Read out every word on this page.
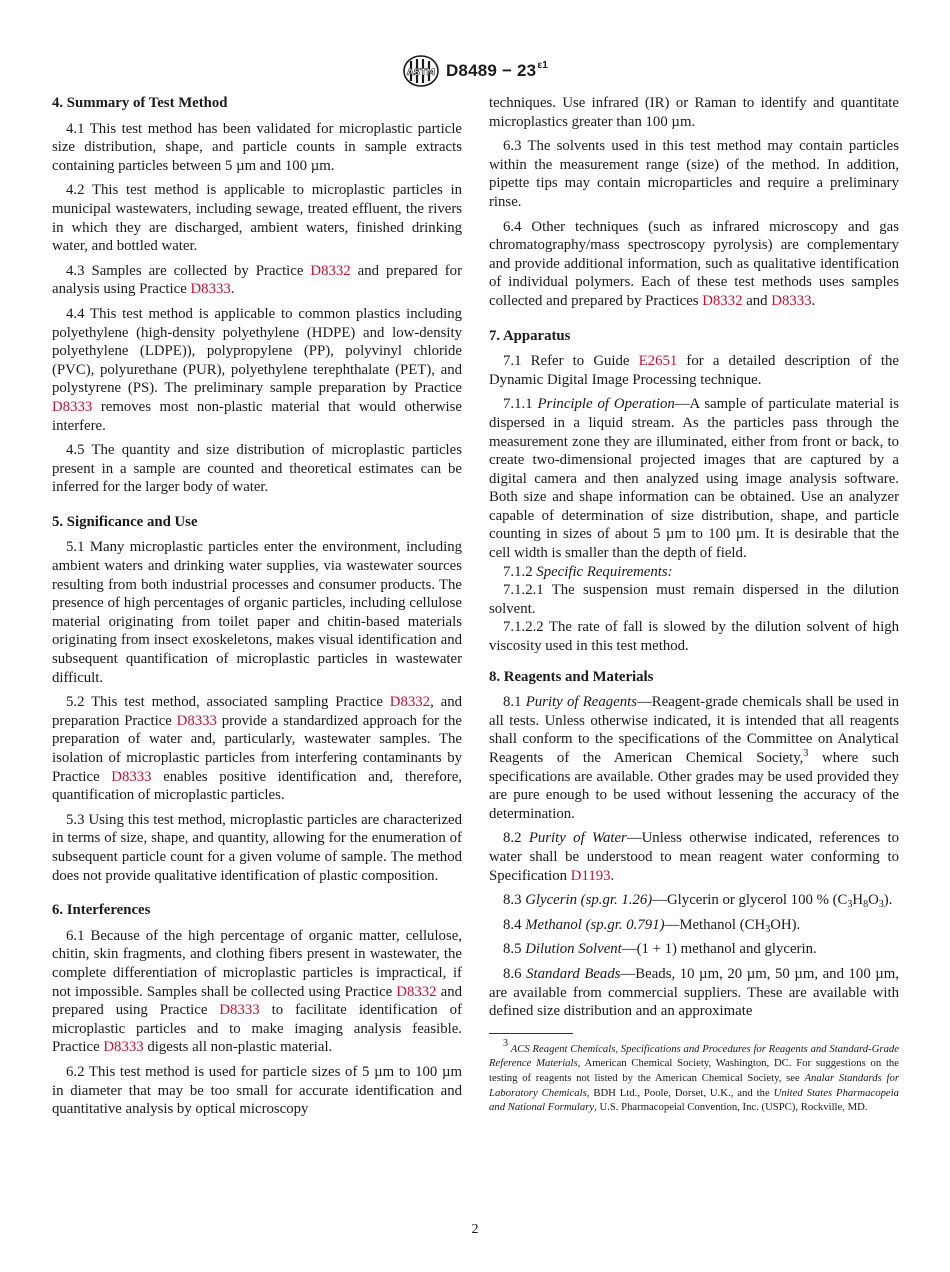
ASTM $D8489 - 23^{\varepsilon 1}$
4. Summary of Test Method

4.1 This test method has been validated for microplastic particle size distribution, shape, and particle counts in sample extracts containing particles between 5 µm and 100 µm.

4.2 This test method is applicable to microplastic particles in municipal wastewaters, including sewage, treated effluent, the rivers in which they are discharged, ambient waters, finished drinking water, and bottled water.

4.3 Samples are collected by Practice D8332 and prepared for analysis using Practice D8333.

4.4 This test method is applicable to common plastics including polyethylene (high-density polyethylene (HDPE) and low-density polyethylene (LDPE)), polypropylene (PP), polyvinyl chloride (PVC), polyurethane (PUR), polyethylene terephthalate (PET), and polystyrene (PS). The preliminary sample preparation by Practice D8333 removes most non-plastic material that would otherwise interfere.

4.5 The quantity and size distribution of microplastic particles present in a sample are counted and theoretical estimates can be inferred for the larger body of water.

5. Significance and Use

5.1 Many microplastic particles enter the environment, including ambient waters and drinking water supplies, via wastewater sources resulting from both industrial processes and consumer products. The presence of high percentages of organic particles, including cellulose material originating from toilet paper and chitin-based materials originating from insect exoskeletons, makes visual identification and subsequent quantification of microplastic particles in wastewater difficult.

5.2 This test method, associated sampling Practice D8332, and preparation Practice D8333 provide a standardized approach for the preparation of water and, particularly, wastewater samples. The isolation of microplastic particles from interfering contaminants by Practice D8333 enables positive identification and, therefore, quantification of microplastic particles.

5.3 Using this test method, microplastic particles are characterized in terms of size, shape, and quantity, allowing for the enumeration of subsequent particle count for a given volume of sample. The method does not provide qualitative identification of plastic composition.

6. Interferences

6.1 Because of the high percentage of organic matter, cellulose, chitin, skin fragments, and clothing fibers present in wastewater, the complete differentiation of microplastic particles is impractical, if not impossible. Samples shall be collected using Practice D8332 and prepared using Practice D8333 to facilitate identification of microplastic particles and to make imaging analysis feasible. Practice D8333 digests all non-plastic material.

6.2 This test method is used for particle sizes of 5 µm to 100 µm in diameter that may be too small for accurate identification and quantitative analysis by optical microscopy

techniques. Use infrared (IR) or Raman to identify and quantitate microplastics greater than 100 µm.

6.3 The solvents used in this test method may contain particles within the measurement range (size) of the method. In addition, pipette tips may contain microparticles and require a preliminary rinse.

6.4 Other techniques (such as infrared microscopy and gas chromatography/mass spectroscopy pyrolysis) are complementary and provide additional information, such as qualitative identification of individual polymers. Each of these test methods uses samples collected and prepared by Practices D8332 and D8333.

7. Apparatus

7.1 Refer to Guide E2651 for a detailed description of the Dynamic Digital Image Processing technique.

7.1.1 Principle of Operation—A sample of particulate material is dispersed in a liquid stream. As the particles pass through the measurement zone they are illuminated, either from front or back, to create two-dimensional projected images that are captured by a digital camera and then analyzed using image analysis software. Both size and shape information can be obtained. Use an analyzer capable of determination of size distribution, shape, and particle counting in sizes of about 5 µm to 100 µm. It is desirable that the cell width is smaller than the depth of field.

7.1.2 Specific Requirements:

7.1.2.1 The suspension must remain dispersed in the dilution solvent.

7.1.2.2 The rate of fall is slowed by the dilution solvent of high viscosity used in this test method.

8. Reagents and Materials

8.1 Purity of Reagents—Reagent-grade chemicals shall be used in all tests. Unless otherwise indicated, it is intended that all reagents shall conform to the specifications of the Committee on Analytical Reagents of the American Chemical Society,$^3$ where such specifications are available. Other grades may be used provided they are pure enough to be used without lessening the accuracy of the determination.

8.2 Purity of Water—Unless otherwise indicated, references to water shall be understood to mean reagent water conforming to Specification D1193.

8.3 Glycerin (sp.gr. 1.26)—Glycerin or glycerol 100 % $(C_3H_8O_3)$.

8.4 Methanol (sp.gr. 0.791)—Methanol $(CH_3OH)$.

8.5 Dilution Solvent—(1 + 1) methanol and glycerin.

8.6 Standard Beads—Beads, 10 µm, 20 µm, 50 µm, and 100 µm, are available from commercial suppliers. These are available with defined size distribution and an approximate

$^3$ ACS Reagent Chemicals, Specifications and Procedures for Reagents and Standard-Grade Reference Materials, American Chemical Society, Washington, DC. For suggestions on the testing of reagents not listed by the American Chemical Society, see Analar Standards for Laboratory Chemicals, BDH Ltd., Poole, Dorset, U.K., and the United States Pharmacopeia and National Formulary, U.S. Pharmacopeial Convention, Inc. (USPC), Rockville, MD.

2
